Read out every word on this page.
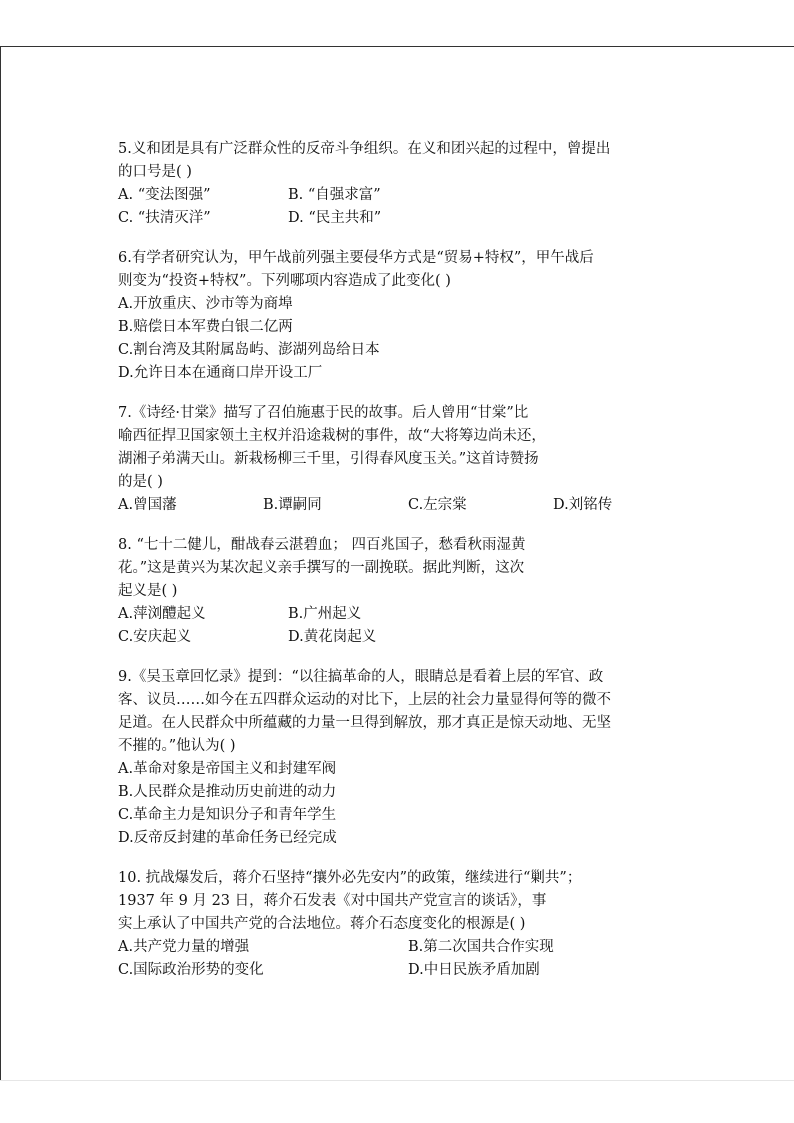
5.义和团是具有广泛群众性的反帝斗争组织。在义和团兴起的过程中，曾提出
的口号是( )
A. “变法图强”	B. “自强求富”
C. “扶清灭洋”	D. “民主共和”
6.有学者研究认为，甲午战前列强主要侵华方式是“贸易+特权”，甲午战后
则变为“投资+特权”。下列哪项内容造成了此变化( )
A.开放重庆、沙市等为商埠
B.赔偿日本军费白银二亿两
C.割台湾及其附属岛屿、澎湖列岛给日本
D.允许日本在通商口岸开设工厂
7.《诗经·甘棠》描写了召伯施惠于民的故事。后人曾用“甘棠”比
喻西征捍卫国家领土主权并沿途栽树的事件，故“大将筹边尚未还，
湖湘子弟满天山。新栽杨柳三千里，引得春风度玉关。”这首诗赞扬
的是( )
A.曾国藩	B.谭嗣同	C.左宗棠	D.刘铭传
8. “七十二健儿，酣战春云湛碧血； 四百兆国子，愁看秋雨湿黄
花。”这是黄兴为某次起义亲手撰写的一副挽联。据此判断，这次
起义是( )
A.萍浏醴起义	B.广州起义
C.安庆起义	D.黄花岗起义
9.《吴玉章回忆录》提到：“以往搞革命的人，眼睛总是看着上层的军官、政
客、议员……如今在五四群众运动的对比下，上层的社会力量显得何等的微不
足道。在人民群众中所蕴藏的力量一旦得到解放，那才真正是惊天动地、无坚
不摧的。”他认为( )
A.革命对象是帝国主义和封建军阀
B.人民群众是推动历史前进的动力
C.革命主力是知识分子和青年学生
D.反帝反封建的革命任务已经完成
10. 抗战爆发后，蒋介石坚持“攘外必先安内”的政策，继续进行“剿共”；
1937 年 9 月 23 日，蒋介石发表《对中国共产党宣言的谈话》，事
实上承认了中国共产党的合法地位。蒋介石态度变化的根源是( )
A.共产党力量的增强	B.第二次国共合作实现
C.国际政治形势的变化	D.中日民族矛盾加剧
